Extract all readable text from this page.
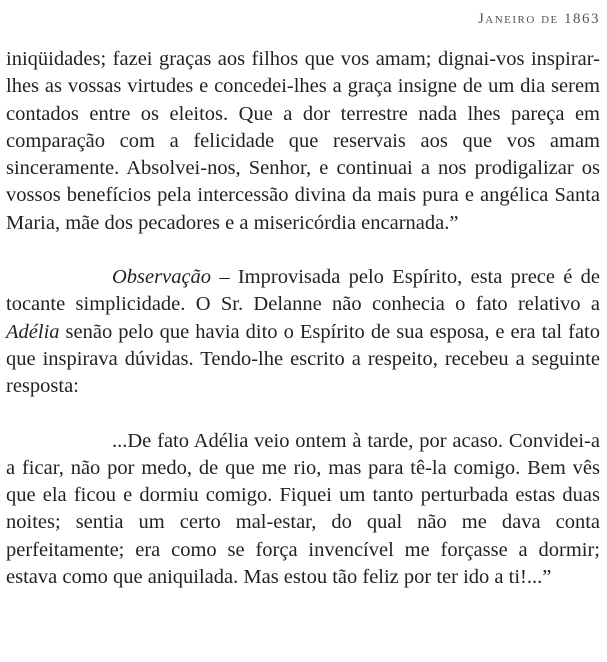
Janeiro de 1863

iniqüidades; fazei graças aos filhos que vos amam; dignai-vos inspirar-lhes as vossas virtudes e concedei-lhes a graça insigne de um dia serem contados entre os eleitos. Que a dor terrestre nada lhes pareça em comparação com a felicidade que reservais aos que vos amam sinceramente. Absolvei-nos, Senhor, e continuai a nos prodigalizar os vossos benefícios pela intercessão divina da mais pura e angélica Santa Maria, mãe dos pecadores e a misericórdia encarnada.”

Observação – Improvisada pelo Espírito, esta prece é de tocante simplicidade. O Sr. Delanne não conhecia o fato relativo a Adélia senão pelo que havia dito o Espírito de sua esposa, e era tal fato que inspirava dúvidas. Tendo-lhe escrito a respeito, recebeu a seguinte resposta:

...De fato Adélia veio ontem à tarde, por acaso. Convidei-a a ficar, não por medo, de que me rio, mas para tê-la comigo. Bem vês que ela ficou e dormiu comigo. Fiquei um tanto perturbada estas duas noites; sentia um certo mal-estar, do qual não me dava conta perfeitamente; era como se força invencível me forçasse a dormir; estava como que aniquilada. Mas estou tão feliz por ter ido a ti!...”
